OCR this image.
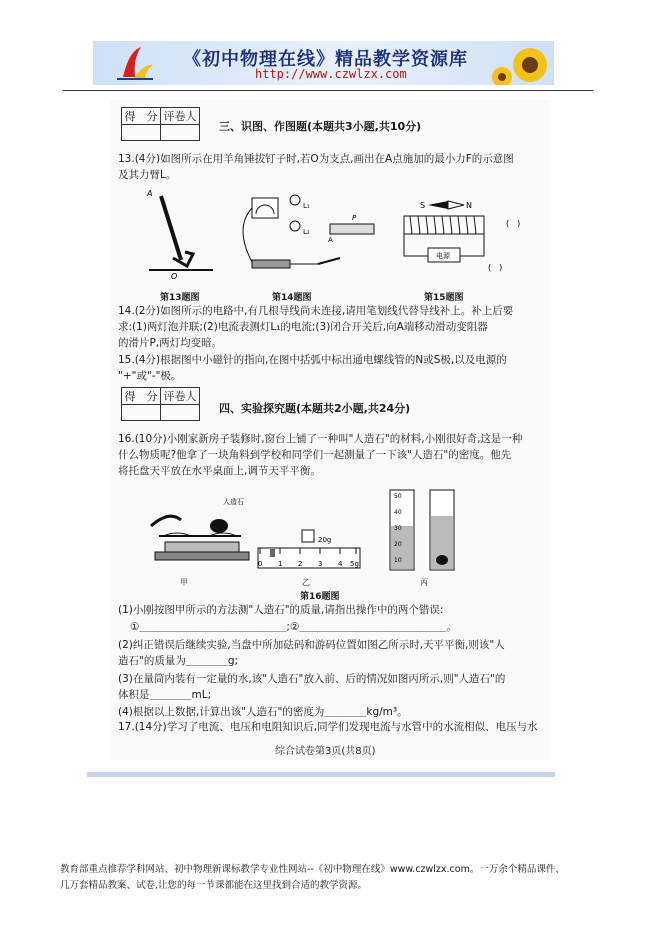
《初中物理在线》精品教学资源库
http://www.czwlzx.com
得　分	评卷人

三、识图、作图题(本题共3小题,共10分)
13.(4分)如图所示在用羊角锤拔钉子时,若O为支点,画出在A点施加的最小力F的示意图
及其力臂L。
A
O
L₁
L₂
P
A
S	N
(　)
电源
(　)
第13题图	第14题图	第15题图
14.(2分)如图所示的电路中,有几根导线尚未连接,请用笔划线代替导线补上。补上后要
求:(1)两灯泡并联;(2)电流表测灯L₁的电流;(3)闭合开关后,向A端移动滑动变阻器
的滑片P,两灯均变暗。
15.(4分)根据图中小磁针的指向,在图中括弧中标出通电螺线管的N或S极,以及电源的
"+"或"-"极。
得　分	评卷人

四、实验探究题(本题共2小题,共24分)
16.(10分)小刚家新房子装修时,窗台上铺了一种叫"人造石"的材料,小刚很好奇,这是一种
什么物质呢?他拿了一块角料到学校和同学们一起测量了一下该"人造石"的密度。他先
将托盘天平放在水平桌面上,调节天平平衡。
人造石
20g
0 1 2 3 4 5g
50
40
30
20
10
甲	乙	丙
第16题图
(1)小刚按图甲所示的方法测"人造石"的质量,请指出操作中的两个错误:
①＿＿＿＿＿＿＿＿＿＿＿＿＿＿;②＿＿＿＿＿＿＿＿＿＿＿＿＿＿。
(2)纠正错误后继续实验,当盘中所加砝码和游码位置如图乙所示时,天平平衡,则该"人
造石"的质量为＿＿＿＿g;
(3)在量筒内装有一定量的水,该"人造石"放入前、后的情况如图丙所示,则"人造石"的
体积是＿＿＿＿mL;
(4)根据以上数据,计算出该"人造石"的密度为＿＿＿＿kg/m³。
17.(14分)学习了电流、电压和电阻知识后,同学们发现电流与水管中的水流相似、电压与水
综合试卷第3页(共8页)
教育部重点推荐学科网站、初中物理新课标教学专业性网站--《初中物理在线》www.czwlzx.com。一万余个精品课件、
几万套精品教案、试卷,让您的每一节课都能在这里找到合适的教学资源。
